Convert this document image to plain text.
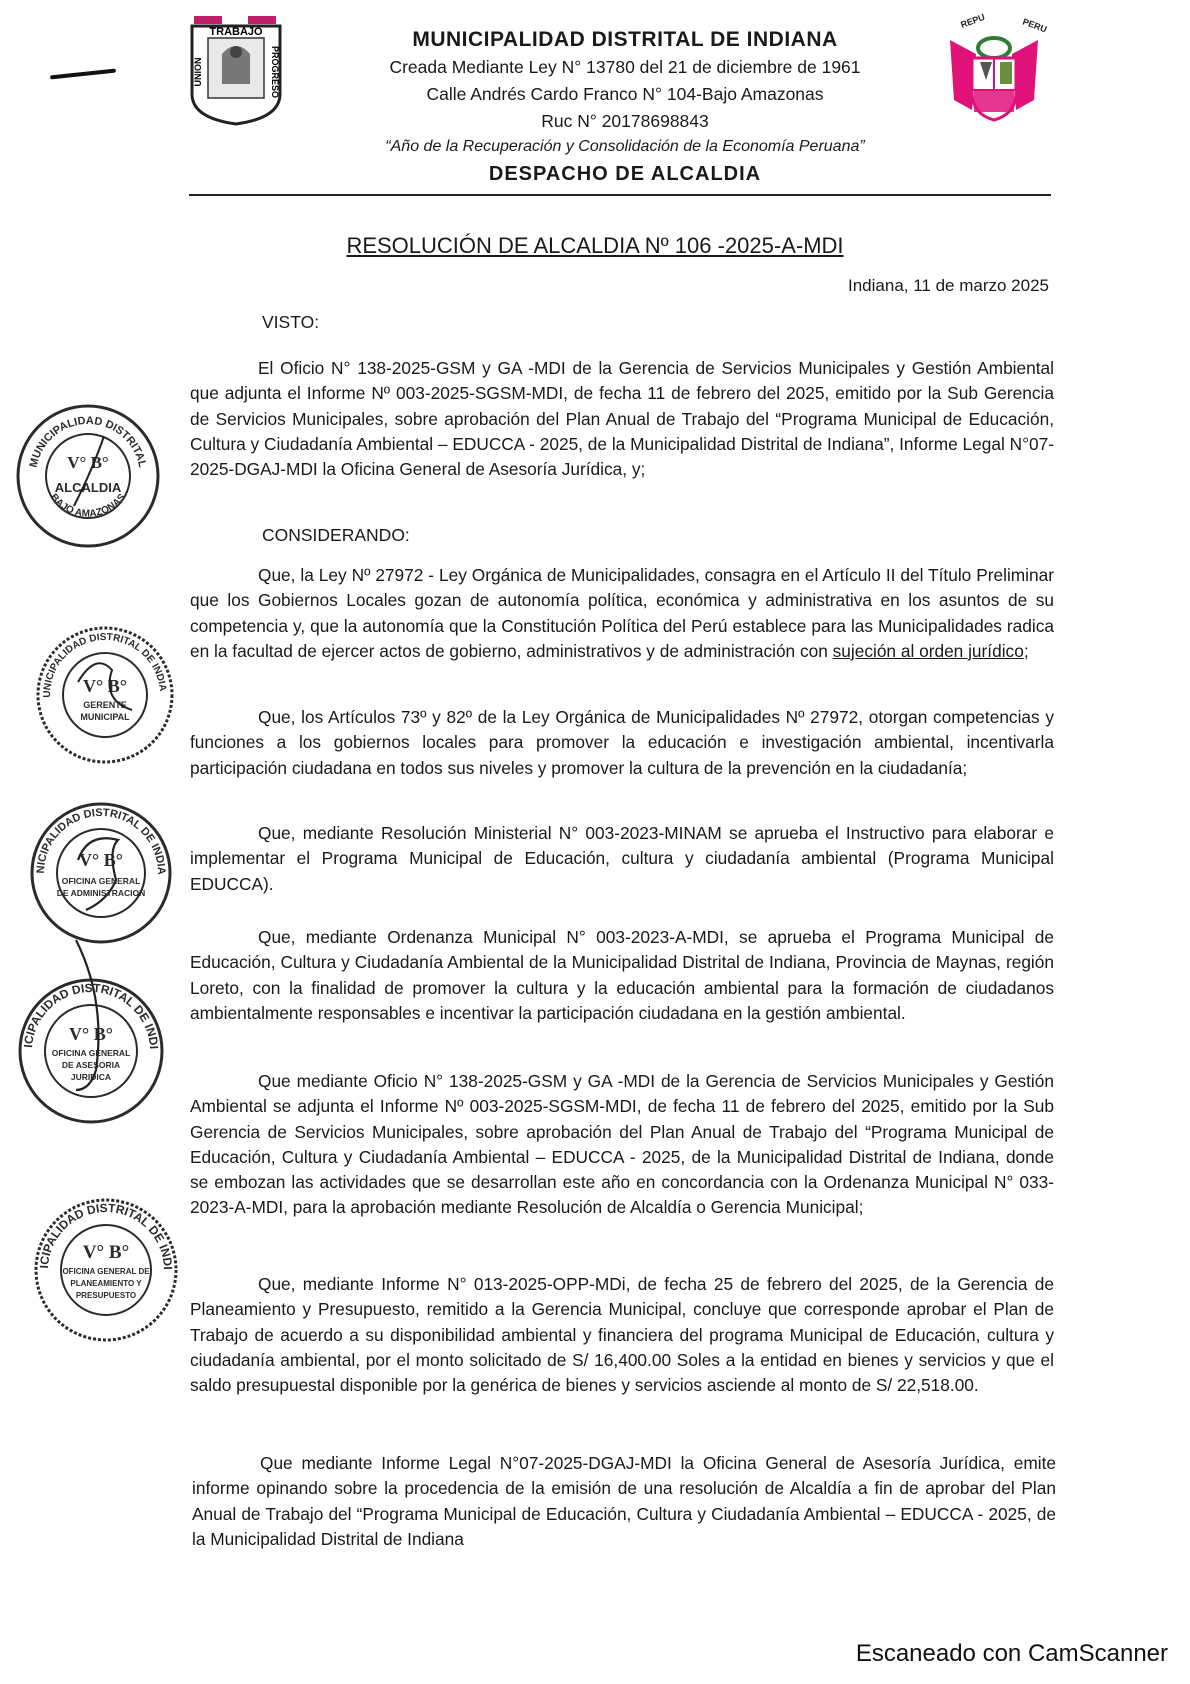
TRABAJO
UNION	PROGRESO
REPU	PERU
MUNICIPALIDAD DISTRITAL DE INDIANA
Creada Mediante Ley N° 13780 del 21 de diciembre de 1961
Calle Andrés Cardo Franco N° 104-Bajo Amazonas
Ruc N° 20178698843
“Año de la Recuperación y Consolidación de la Economía Peruana”
DESPACHO DE ALCALDIA
RESOLUCIÓN DE ALCALDIA Nº 106 -2025-A-MDI
Indiana, 11 de marzo 2025
VISTO:
El Oficio N° 138-2025-GSM y GA -MDI de la Gerencia de Servicios Municipales y Gestión Ambiental que adjunta el Informe Nº 003-2025-SGSM-MDI, de fecha 11 de febrero del 2025, emitido por la Sub Gerencia de Servicios Municipales, sobre aprobación del Plan Anual de Trabajo del “Programa Municipal de Educación, Cultura y Ciudadanía Ambiental – EDUCCA - 2025, de la Municipalidad Distrital de Indiana”, Informe Legal N°07-2025-DGAJ-MDI la Oficina General de Asesoría Jurídica, y;
CONSIDERANDO:
Que, la Ley Nº 27972 - Ley Orgánica de Municipalidades, consagra en el Artículo II del Título Preliminar que los Gobiernos Locales gozan de autonomía política, económica y administrativa en los asuntos de su competencia y, que la autonomía que la Constitución Política del Perú establece para las Municipalidades radica en la facultad de ejercer actos de gobierno, administrativos y de administración con sujeción al orden jurídico;
Que, los Artículos 73º y 82º de la Ley Orgánica de Municipalidades Nº 27972, otorgan competencias y funciones a los gobiernos locales para promover la educación e investigación ambiental, incentivarla participación ciudadana en todos sus niveles y promover la cultura de la prevención en la ciudadanía;
Que, mediante Resolución Ministerial N° 003-2023-MINAM se aprueba el Instructivo para elaborar e implementar el Programa Municipal de Educación, cultura y ciudadanía ambiental (Programa Municipal EDUCCA).
Que, mediante Ordenanza Municipal N° 003-2023-A-MDI, se aprueba el Programa Municipal de Educación, Cultura y Ciudadanía Ambiental de la Municipalidad Distrital de Indiana, Provincia de Maynas, región Loreto, con la finalidad de promover la cultura y la educación ambiental para la formación de ciudadanos ambientalmente responsables e incentivar la participación ciudadana en la gestión ambiental.
Que mediante Oficio N° 138-2025-GSM y GA -MDI de la Gerencia de Servicios Municipales y Gestión Ambiental se adjunta el Informe Nº 003-2025-SGSM-MDI, de fecha 11 de febrero del 2025, emitido por la Sub Gerencia de Servicios Municipales, sobre aprobación del Plan Anual de Trabajo del “Programa Municipal de Educación, Cultura y Ciudadanía Ambiental – EDUCCA - 2025, de la Municipalidad Distrital de Indiana, donde se embozan las actividades que se desarrollan este año en concordancia con la Ordenanza Municipal N° 033-2023-A-MDI, para la aprobación mediante Resolución de Alcaldía o Gerencia Municipal;
Que, mediante Informe N° 013-2025-OPP-MDi, de fecha 25 de febrero del 2025, de la Gerencia de Planeamiento y Presupuesto, remitido a la Gerencia Municipal, concluye que corresponde aprobar el Plan de Trabajo de acuerdo a su disponibilidad ambiental y financiera del programa Municipal de Educación, cultura y ciudadanía ambiental, por el monto solicitado de S/ 16,400.00 Soles a la entidad en bienes y servicios y que el saldo presupuestal disponible por la genérica de bienes y servicios asciende al monto de S/ 22,518.00.
Que mediante Informe Legal N°07-2025-DGAJ-MDI la Oficina General de Asesoría Jurídica, emite informe opinando sobre la procedencia de la emisión de una resolución de Alcaldía a fin de aprobar del Plan Anual de Trabajo del “Programa Municipal de Educación, Cultura y Ciudadanía Ambiental – EDUCCA - 2025, de la Municipalidad Distrital de Indiana
MUNICIPALIDAD DISTRITAL
BAJO AMAZONAS
V° B°
ALCALDIA
MUNICIPALIDAD DISTRITAL DE INDIANA
V° B°
GERENTE
MUNICIPAL
MUNICIPALIDAD DISTRITAL DE INDIANA
V° B°
OFICINA GENERAL
DE ADMINISTRACION
MUNICIPALIDAD DISTRITAL DE INDIANA
V° B°
OFICINA GENERAL
DE ASESORIA
JURIDICA
MUNICIPALIDAD DISTRITAL DE INDIANA
V° B°
OFICINA GENERAL DE
PLANEAMIENTO Y
PRESUPUESTO
Escaneado con CamScanner
